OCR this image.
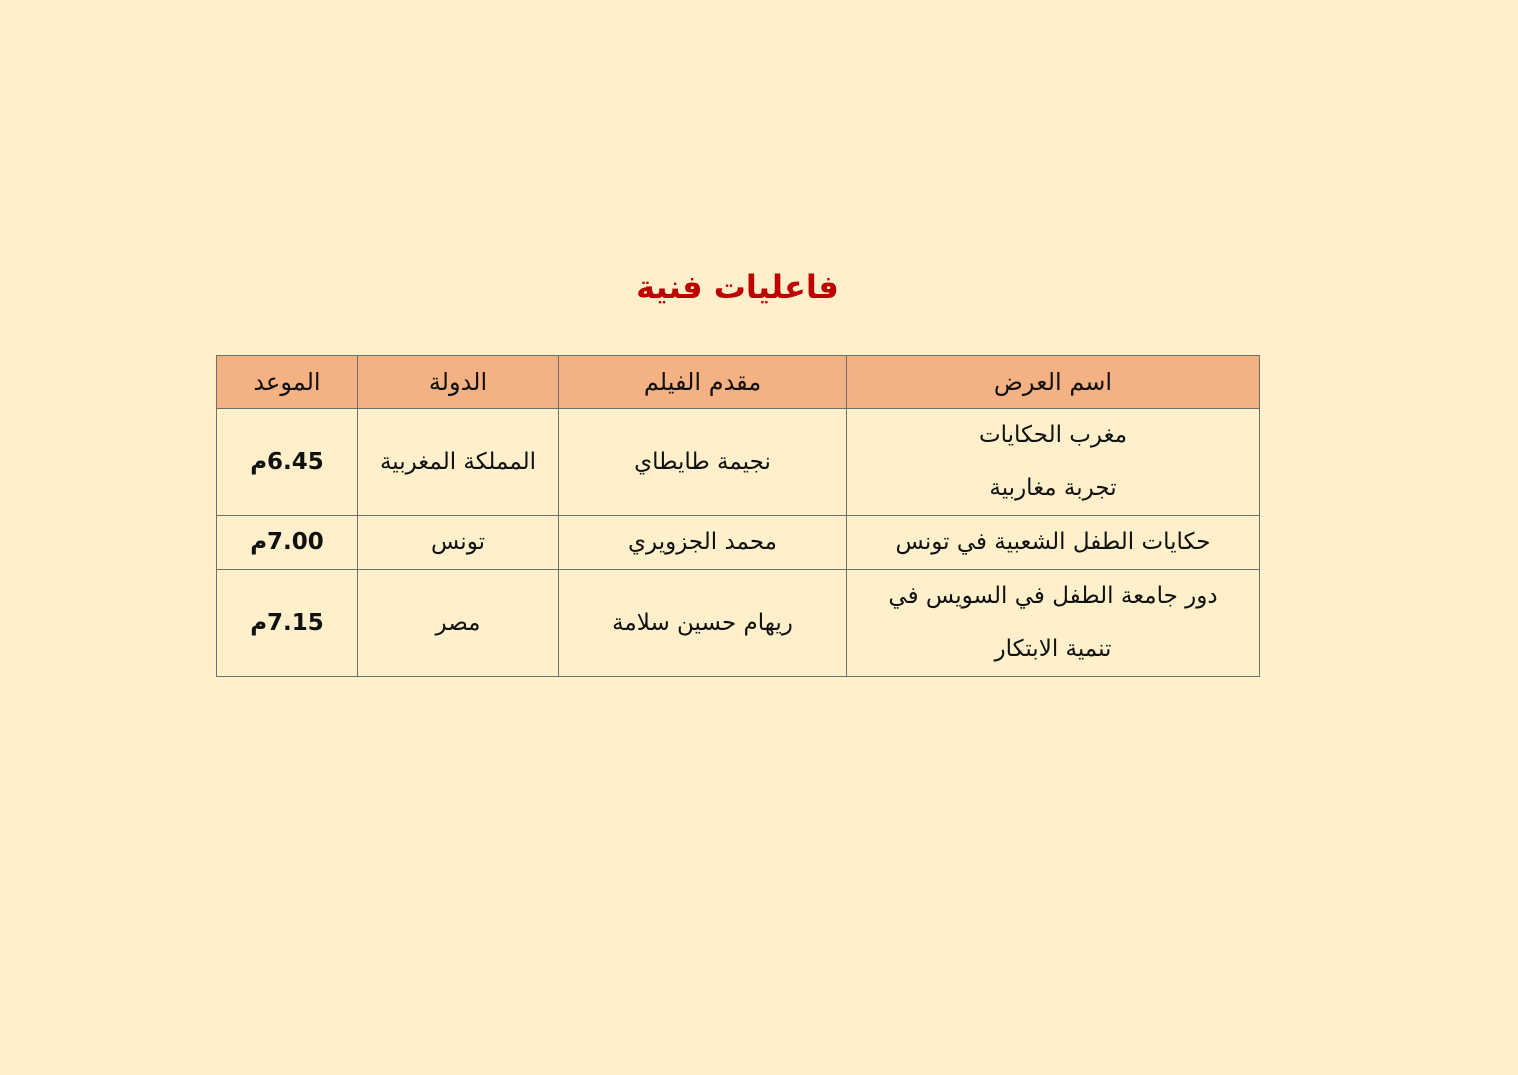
فاعليات فنية
اسم العرض	مقدم الفيلم	الدولة	الموعد

مغرب الحكايات
تجربة مغاربية	نجيمة طايطاي	المملكة المغربية	6.45م

حكايات الطفل الشعبية في تونس	محمد الجزويري	تونس	7.00م

دور جامعة الطفل في السويس في
تنمية الابتكار	ريهام حسين سلامة	مصر	7.15م
